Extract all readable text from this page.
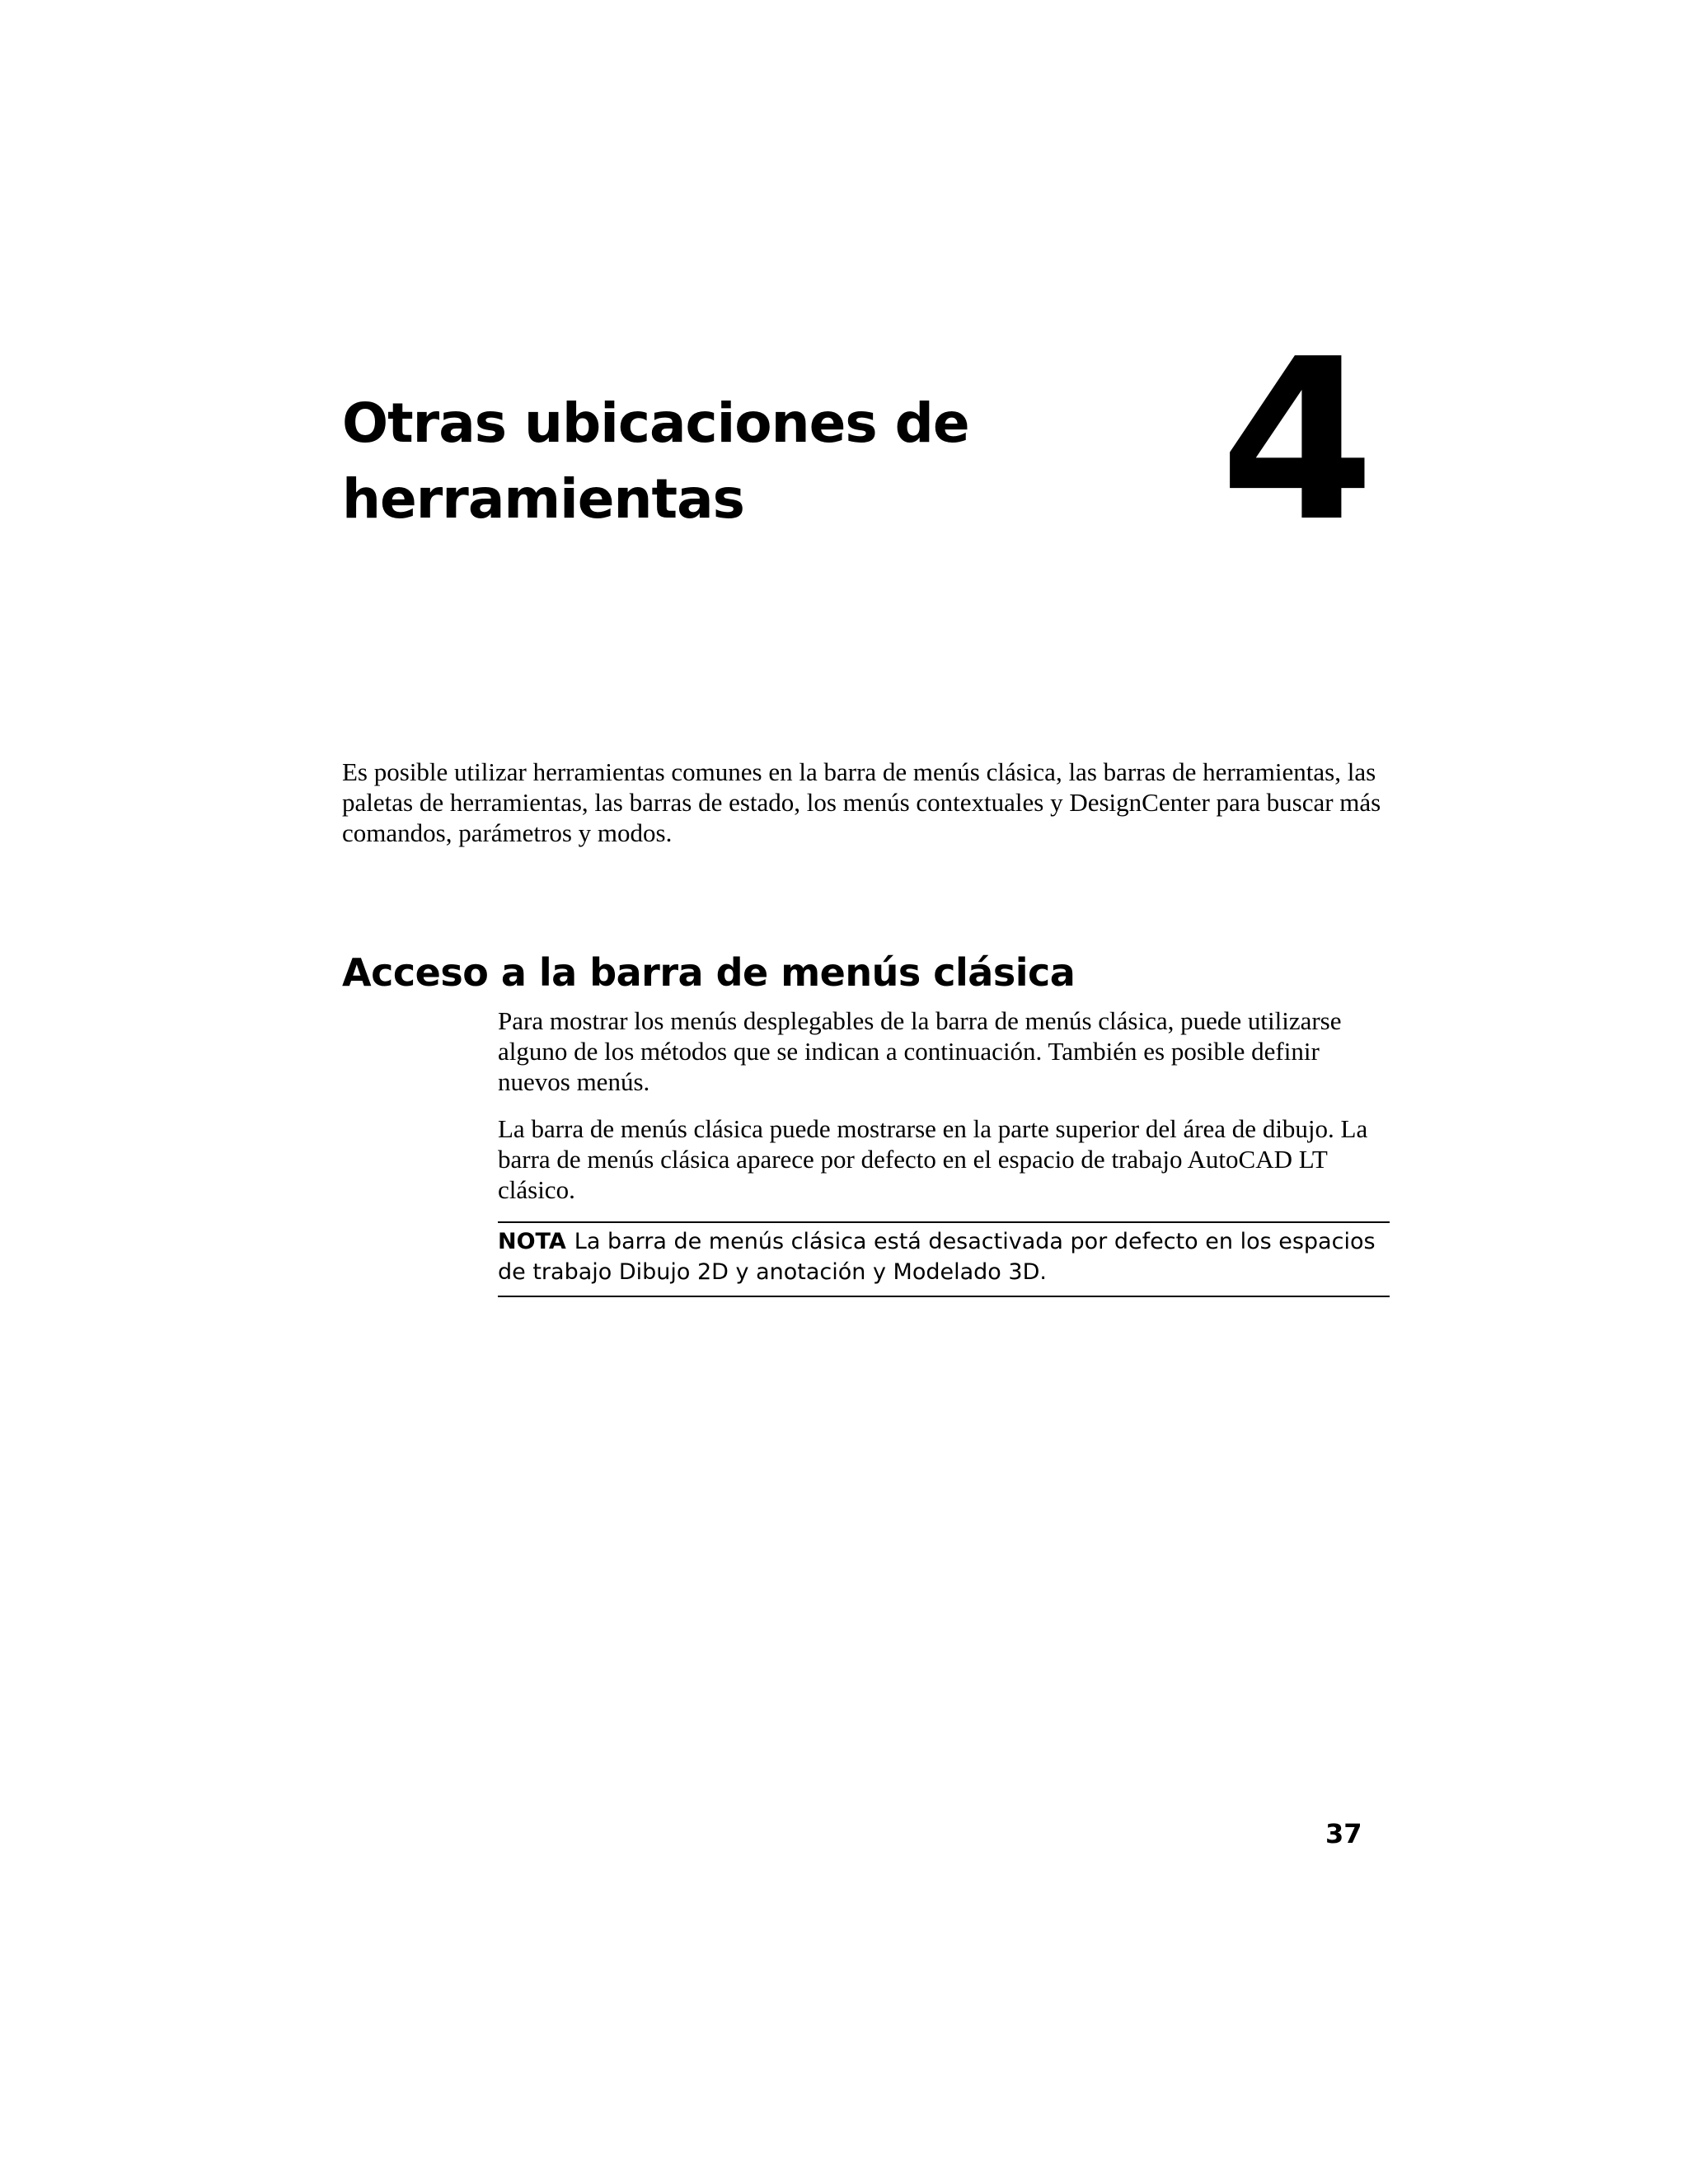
Otras ubicaciones de
herramientas	4

Es posible utilizar herramientas comunes en la barra de menús clásica, las barras de herramientas, las paletas de herramientas, las barras de estado, los menús contextuales y DesignCenter para buscar más comandos, parámetros y modos.

Acceso a la barra de menús clásica

Para mostrar los menús desplegables de la barra de menús clásica, puede utilizarse alguno de los métodos que se indican a continuación. También es posible definir nuevos menús.

La barra de menús clásica puede mostrarse en la parte superior del área de dibujo. La barra de menús clásica aparece por defecto en el espacio de trabajo AutoCAD LT clásico.

NOTA La barra de menús clásica está desactivada por defecto en los espacios de trabajo Dibujo 2D y anotación y Modelado 3D.
37
